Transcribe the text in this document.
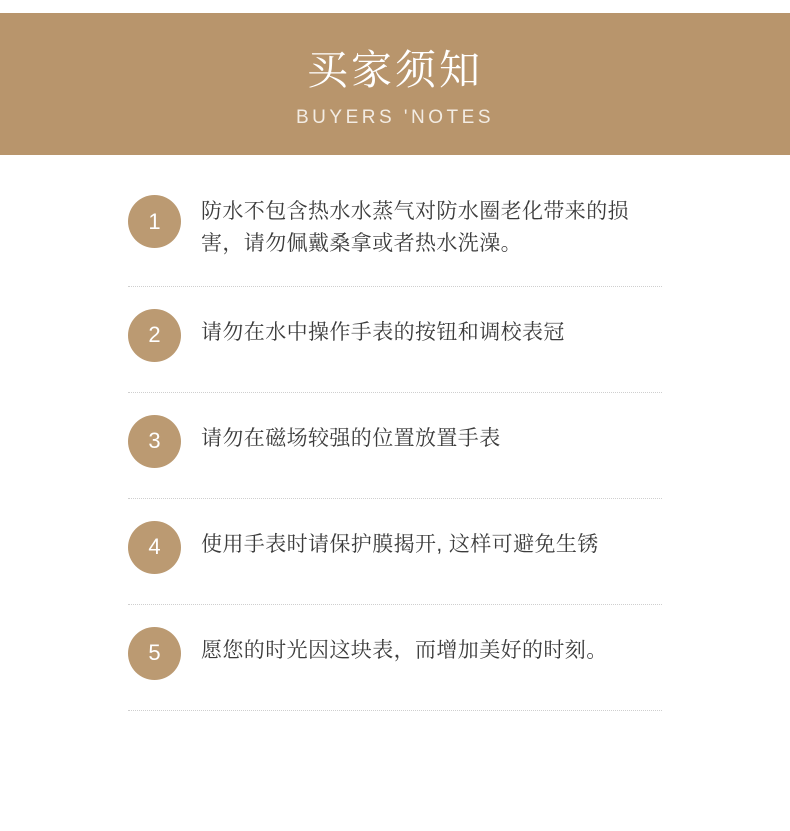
买家须知
BUYERS 'NOTES
1	防水不包含热水水蒸气对防水圈老化带来的损害，请勿佩戴桑拿或者热水洗澡。
2	请勿在水中操作手表的按钮和调校表冠
3	请勿在磁场较强的位置放置手表
4	使用手表时请保护膜揭开, 这样可避免生锈
5	愿您的时光因这块表，而增加美好的时刻。
